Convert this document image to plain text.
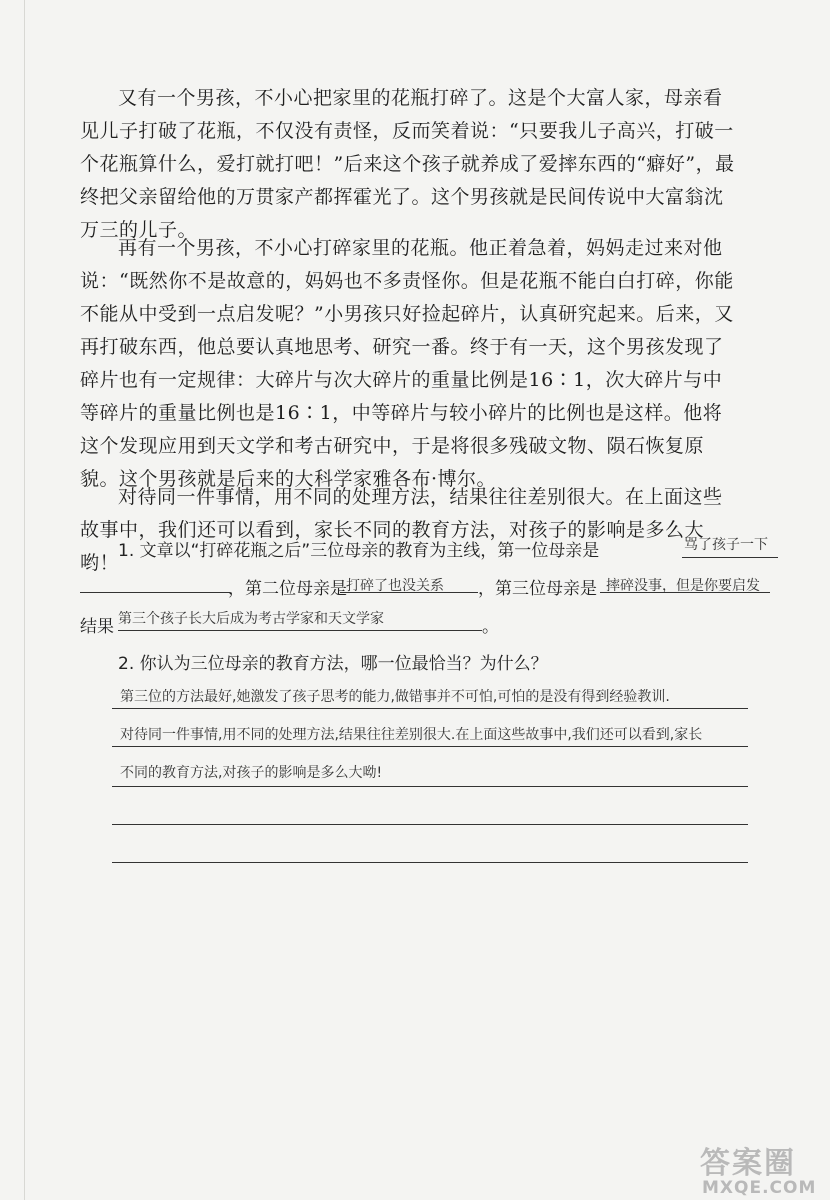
又有一个男孩，不小心把家里的花瓶打碎了。这是个大富人家，母亲看见儿子打破了花瓶，不仅没有责怪，反而笑着说：“只要我儿子高兴，打破一个花瓶算什么，爱打就打吧！”后来这个孩子就养成了爱摔东西的“癖好”，最终把父亲留给他的万贯家产都挥霍光了。这个男孩就是民间传说中大富翁沈万三的儿子。

再有一个男孩，不小心打碎家里的花瓶。他正着急着，妈妈走过来对他说：“既然你不是故意的，妈妈也不多责怪你。但是花瓶不能白白打碎，你能不能从中受到一点启发呢？”小男孩只好捡起碎片，认真研究起来。后来，又再打破东西，他总要认真地思考、研究一番。终于有一天，这个男孩发现了碎片也有一定规律：大碎片与次大碎片的重量比例是16∶1，次大碎片与中等碎片的重量比例也是16∶1，中等碎片与较小碎片的比例也是这样。他将这个发现应用到天文学和考古研究中，于是将很多残破文物、陨石恢复原貌。这个男孩就是后来的大科学家雅各布·博尔。

对待同一件事情，用不同的处理方法，结果往往差别很大。在上面这些故事中，我们还可以看到，家长不同的教育方法，对孩子的影响是多么大哟！

1. 文章以“打碎花瓶之后”三位母亲的教育为主线，第一位母亲是	骂了孩子一下
，第二位母亲是 打碎了也没关系 ，第三位母亲是 摔碎没事，但是你要启发
结果 第三个孩子长大后成为考古学家和天文学家	。
2. 你认为三位母亲的教育方法，哪一位最恰当？为什么？
第三位的方法最好,她激发了孩子思考的能力,做错事并不可怕,可怕的是没有得到经验教训.
对待同一件事情,用不同的处理方法,结果往往差别很大.在上面这些故事中,我们还可以看到,家长
不同的教育方法,对孩子的影响是多么大呦!
答案圈
MXQE.COM
